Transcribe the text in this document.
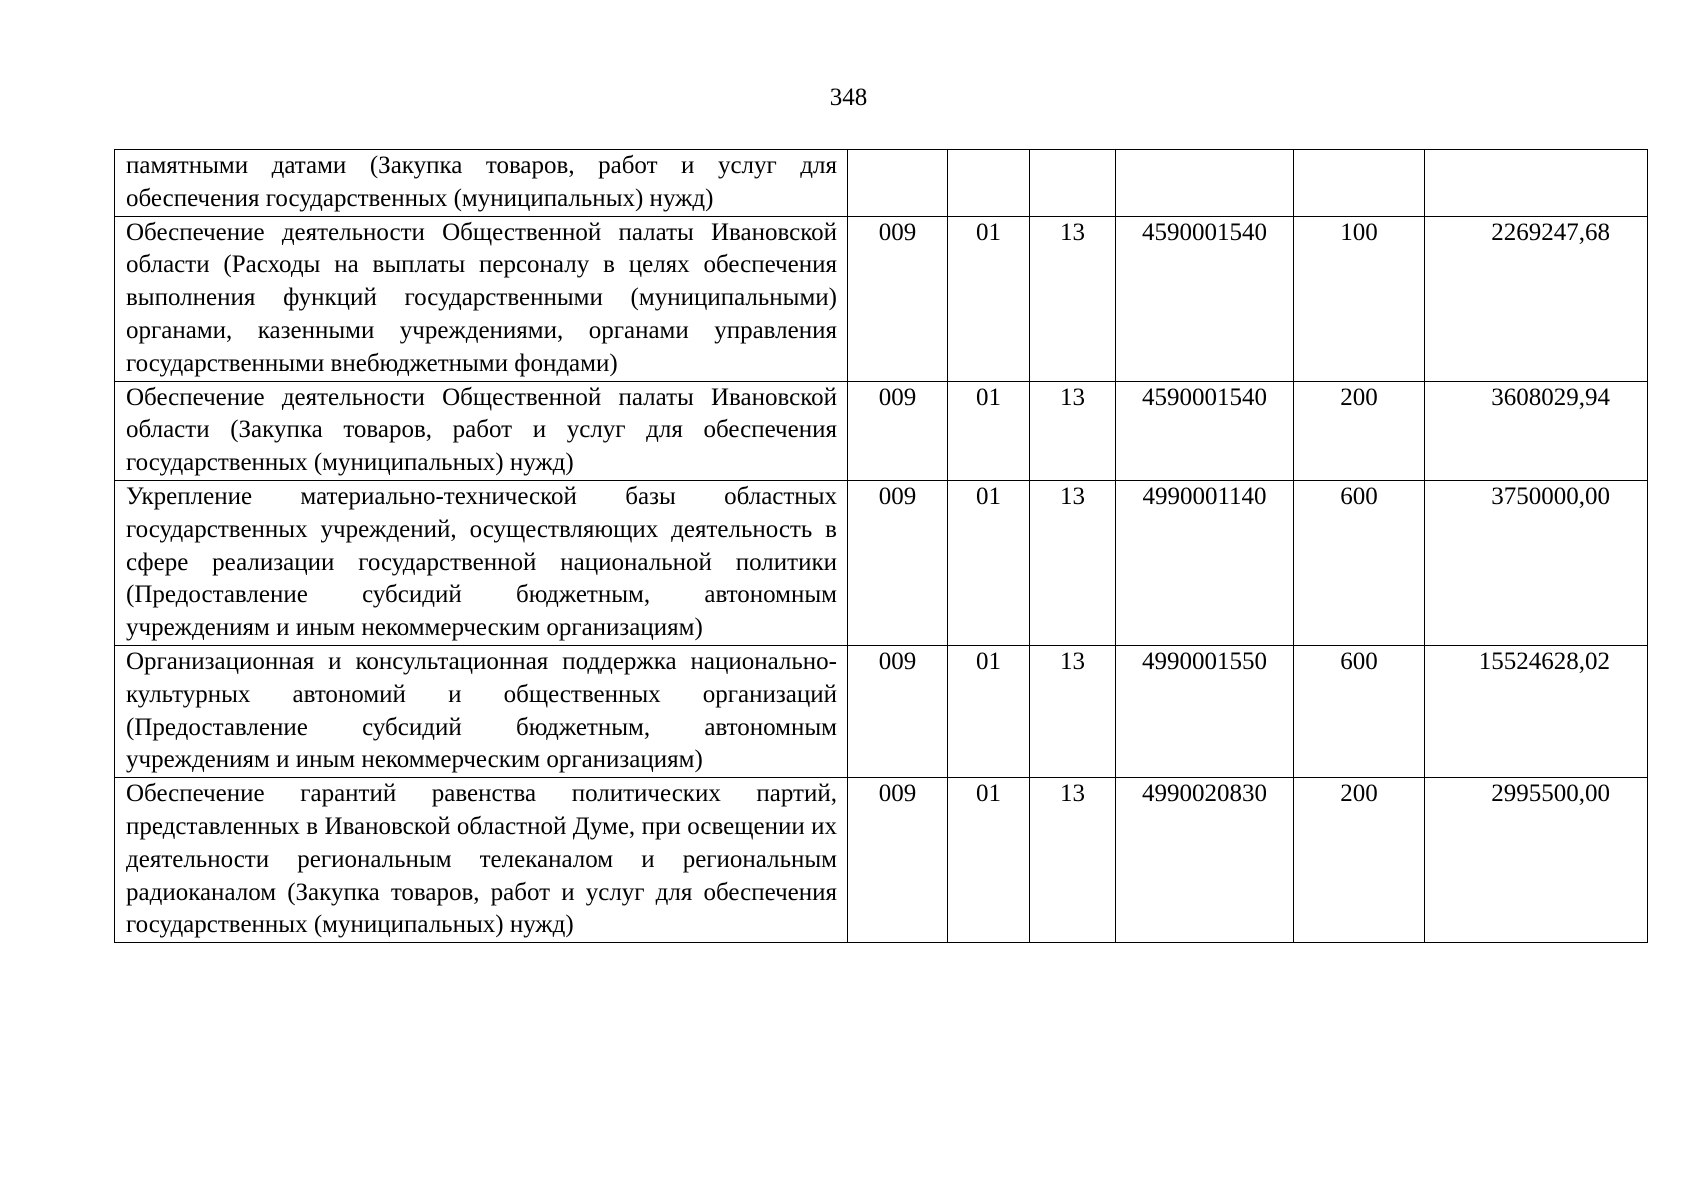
348
памятными датами (Закупка товаров, работ и услуг для обеспечения государственных (муниципальных) нужд)						
Обеспечение деятельности Общественной палаты Ивановской области (Расходы на выплаты персоналу в целях обеспечения выполнения функций государственными (муниципальными) органами, казенными учреждениями, органами управления государственными внебюджетными фондами)	009	01	13	4590001540	100	2269247,68
Обеспечение деятельности Общественной палаты Ивановской области (Закупка товаров, работ и услуг для обеспечения государственных (муниципальных) нужд)	009	01	13	4590001540	200	3608029,94
Укрепление материально-технической базы областных государственных учреждений, осуществляющих деятельность в сфере реализации государственной национальной политики (Предоставление субсидий бюджетным, автономным учреждениям и иным некоммерческим организациям)	009	01	13	4990001140	600	3750000,00
Организационная и консультационная поддержка национально-культурных автономий и общественных организаций (Предоставление субсидий бюджетным, автономным учреждениям и иным некоммерческим организациям)	009	01	13	4990001550	600	15524628,02
Обеспечение гарантий равенства политических партий, представленных в Ивановской областной Думе, при освещении их деятельности региональным телеканалом и региональным радиоканалом (Закупка товаров, работ и услуг для обеспечения государственных (муниципальных) нужд)	009	01	13	4990020830	200	2995500,00
